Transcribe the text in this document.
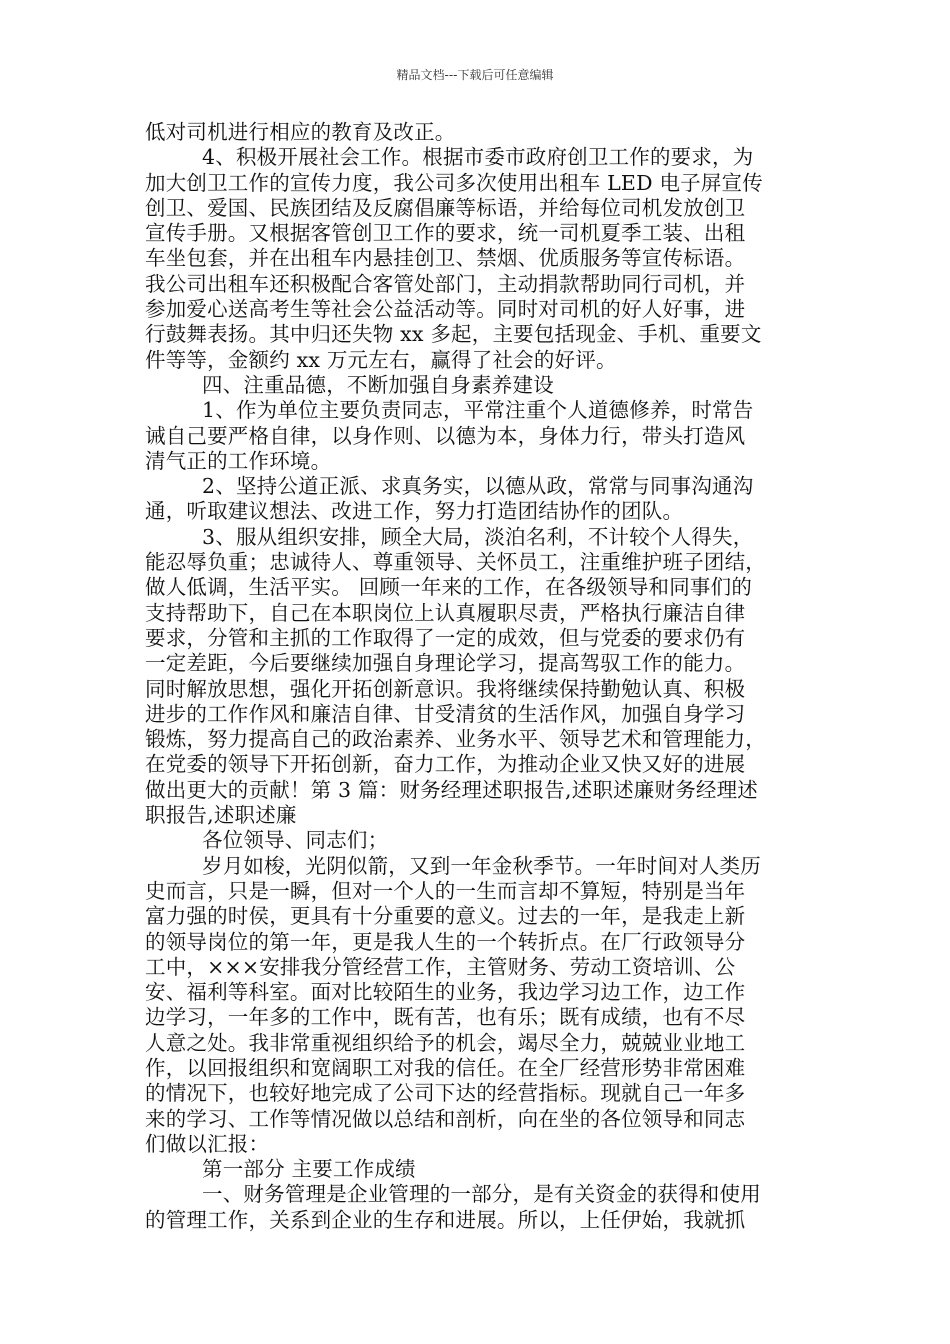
精品文档---下载后可任意编辑
低对司机进行相应的教育及改正。
4、积极开展社会工作。根据市委市政府创卫工作的要求，为
加大创卫工作的宣传力度，我公司多次使用出租车 LED 电子屏宣传
创卫、爱国、民族团结及反腐倡廉等标语，并给每位司机发放创卫
宣传手册。又根据客管创卫工作的要求，统一司机夏季工装、出租
车坐包套，并在出租车内悬挂创卫、禁烟、优质服务等宣传标语。
我公司出租车还积极配合客管处部门，主动捐款帮助同行司机，并
参加爱心送高考生等社会公益活动等。同时对司机的好人好事，进
行鼓舞表扬。其中归还失物 xx 多起，主要包括现金、手机、重要文
件等等，金额约 xx 万元左右，赢得了社会的好评。
四、注重品德，不断加强自身素养建设
1、作为单位主要负责同志，平常注重个人道德修养，时常告
诫自己要严格自律，以身作则、以德为本，身体力行，带头打造风
清气正的工作环境。
2、坚持公道正派、求真务实，以德从政，常常与同事沟通沟
通，听取建议想法、改进工作，努力打造团结协作的团队。
3、服从组织安排，顾全大局，淡泊名利，不计较个人得失，
能忍辱负重；忠诚待人、尊重领导、关怀员工，注重维护班子团结，
做人低调，生活平实。 回顾一年来的工作，在各级领导和同事们的
支持帮助下，自己在本职岗位上认真履职尽责，严格执行廉洁自律
要求，分管和主抓的工作取得了一定的成效，但与党委的要求仍有
一定差距，今后要继续加强自身理论学习，提高驾驭工作的能力。
同时解放思想，强化开拓创新意识。我将继续保持勤勉认真、积极
进步的工作作风和廉洁自律、甘受清贫的生活作风，加强自身学习
锻炼，努力提高自己的政治素养、业务水平、领导艺术和管理能力，
在党委的领导下开拓创新，奋力工作，为推动企业又快又好的进展
做出更大的贡献！第 3 篇：财务经理述职报告,述职述廉财务经理述
职报告,述职述廉
各位领导、同志们；
岁月如梭，光阴似箭，又到一年金秋季节。一年时间对人类历
史而言，只是一瞬，但对一个人的一生而言却不算短，特别是当年
富力强的时侯，更具有十分重要的意义。过去的一年，是我走上新
的领导岗位的第一年，更是我人生的一个转折点。在厂行政领导分
工中，×××安排我分管经营工作，主管财务、劳动工资培训、公
安、福利等科室。面对比较陌生的业务，我边学习边工作，边工作
边学习，一年多的工作中，既有苦，也有乐；既有成绩，也有不尽
人意之处。我非常重视组织给予的机会，竭尽全力，兢兢业业地工
作，以回报组织和宽阔职工对我的信任。在全厂经营形势非常困难
的情况下，也较好地完成了公司下达的经营指标。现就自己一年多
来的学习、工作等情况做以总结和剖析，向在坐的各位领导和同志
们做以汇报：
第一部分 主要工作成绩
一、财务管理是企业管理的一部分，是有关资金的获得和使用
的管理工作，关系到企业的生存和进展。所以，上任伊始，我就抓
